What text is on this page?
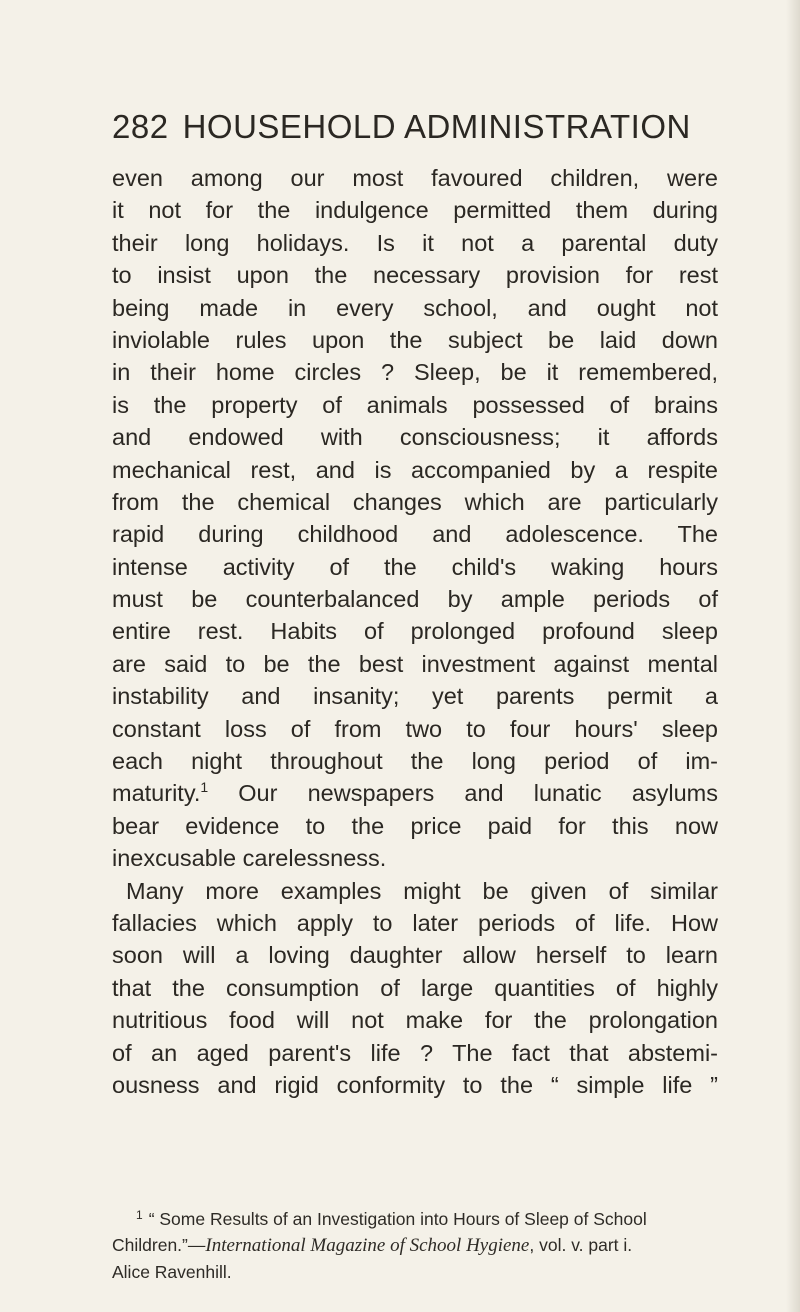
282 HOUSEHOLD ADMINISTRATION
even among our most favoured children, were
it not for the indulgence permitted them during
their long holidays. Is it not a parental duty
to insist upon the necessary provision for rest
being made in every school, and ought not
inviolable rules upon the subject be laid down
in their home circles ? Sleep, be it remembered,
is the property of animals possessed of brains
and endowed with consciousness; it affords
mechanical rest, and is accompanied by a respite
from the chemical changes which are particularly
rapid during childhood and adolescence. The
intense activity of the child's waking hours
must be counterbalanced by ample periods of
entire rest. Habits of prolonged profound sleep
are said to be the best investment against mental
instability and insanity; yet parents permit a
constant loss of from two to four hours' sleep
each night throughout the long period of im-
maturity.$^1$ Our newspapers and lunatic asylums
bear evidence to the price paid for this now
inexcusable carelessness.
Many more examples might be given of similar
fallacies which apply to later periods of life. How
soon will a loving daughter allow herself to learn
that the consumption of large quantities of highly
nutritious food will not make for the prolongation
of an aged parent's life ? The fact that abstemi-
ousness and rigid conformity to the “ simple life ”
$^1$ “ Some Results of an Investigation into Hours of Sleep of School
Children.”—International Magazine of School Hygiene, vol. v. part i.
Alice Ravenhill.
